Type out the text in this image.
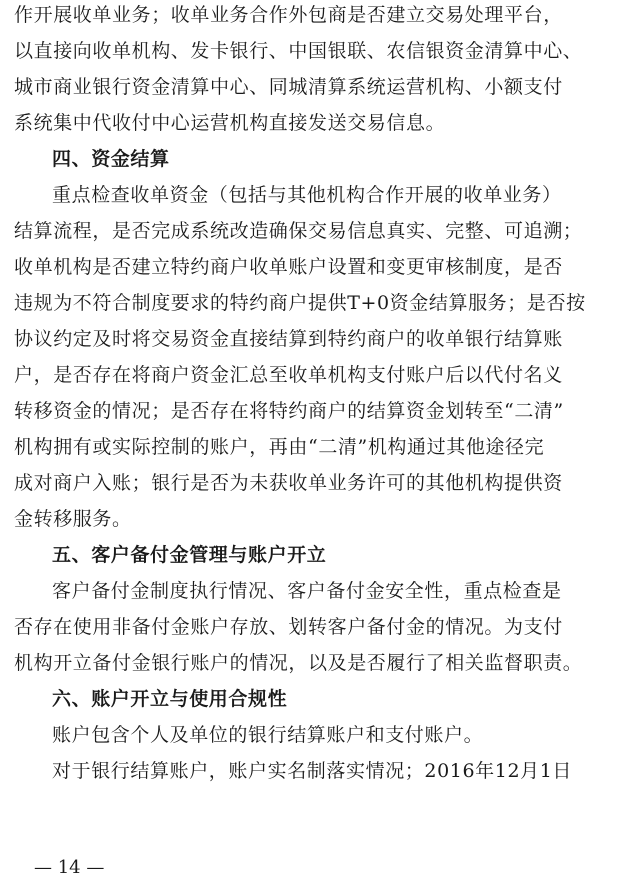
作开展收单业务；收单业务合作外包商是否建立交易处理平台，
以直接向收单机构、发卡银行、中国银联、农信银资金清算中心、
城市商业银行资金清算中心、同城清算系统运营机构、小额支付
系统集中代收付中心运营机构直接发送交易信息。
四、资金结算
重点检查收单资金（包括与其他机构合作开展的收单业务）
结算流程，是否完成系统改造确保交易信息真实、完整、可追溯；
收单机构是否建立特约商户收单账户设置和变更审核制度，是否
违规为不符合制度要求的特约商户提供T+0资金结算服务；是否按
协议约定及时将交易资金直接结算到特约商户的收单银行结算账
户，是否存在将商户资金汇总至收单机构支付账户后以代付名义
转移资金的情况；是否存在将特约商户的结算资金划转至“二清”
机构拥有或实际控制的账户，再由“二清”机构通过其他途径完
成对商户入账；银行是否为未获收单业务许可的其他机构提供资
金转移服务。
五、客户备付金管理与账户开立
客户备付金制度执行情况、客户备付金安全性，重点检查是
否存在使用非备付金账户存放、划转客户备付金的情况。为支付
机构开立备付金银行账户的情况，以及是否履行了相关监督职责。
六、账户开立与使用合规性
账户包含个人及单位的银行结算账户和支付账户。
对于银行结算账户，账户实名制落实情况；2016年12月1日
— 14 —
